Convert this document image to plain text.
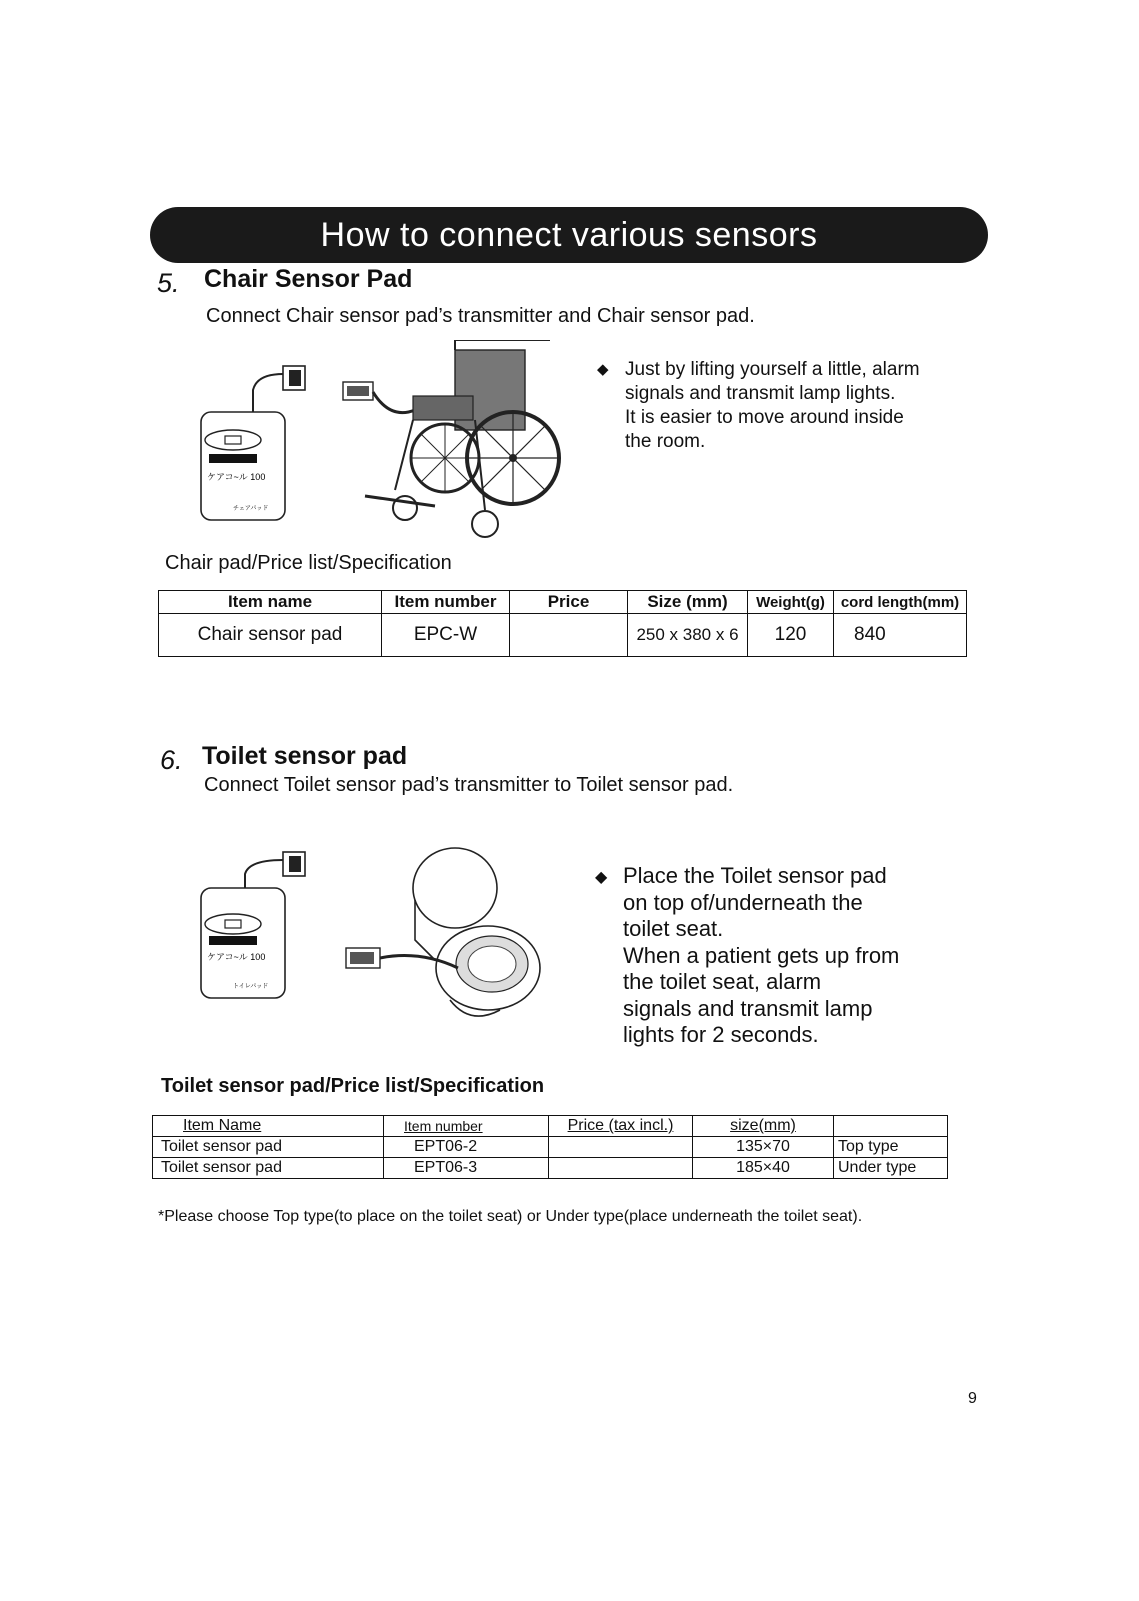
How to connect various sensors
5. Chair Sensor Pad
Connect Chair sensor pad’s transmitter and Chair sensor pad.
ケアコ~ル 100
チェアパッド
◆ Just by lifting yourself a little, alarm
signals and transmit lamp lights.
It is easier to move around inside
the room.
Chair pad/Price list/Specification
Item name	Item number	Price	Size (mm)	Weight(g)	cord length(mm)
Chair sensor pad	EPC-W		250 x 380 x 6	120	840
6. Toilet sensor pad
Connect Toilet sensor pad’s transmitter to Toilet sensor pad.
ケアコ~ル 100
トイレパッド
◆ Place the Toilet sensor pad
on top of/underneath the
toilet seat.
When a patient gets up from
the toilet seat, alarm
signals and transmit lamp
lights for 2 seconds.
Toilet sensor pad/Price list/Specification
Item Name	Item number	Price (tax incl.)	size(mm)	
Toilet sensor pad	EPT06-2		135×70	Top type
Toilet sensor pad	EPT06-3		185×40	Under type
*Please choose Top type(to place on the toilet seat) or Under type(place underneath the toilet seat).
9
